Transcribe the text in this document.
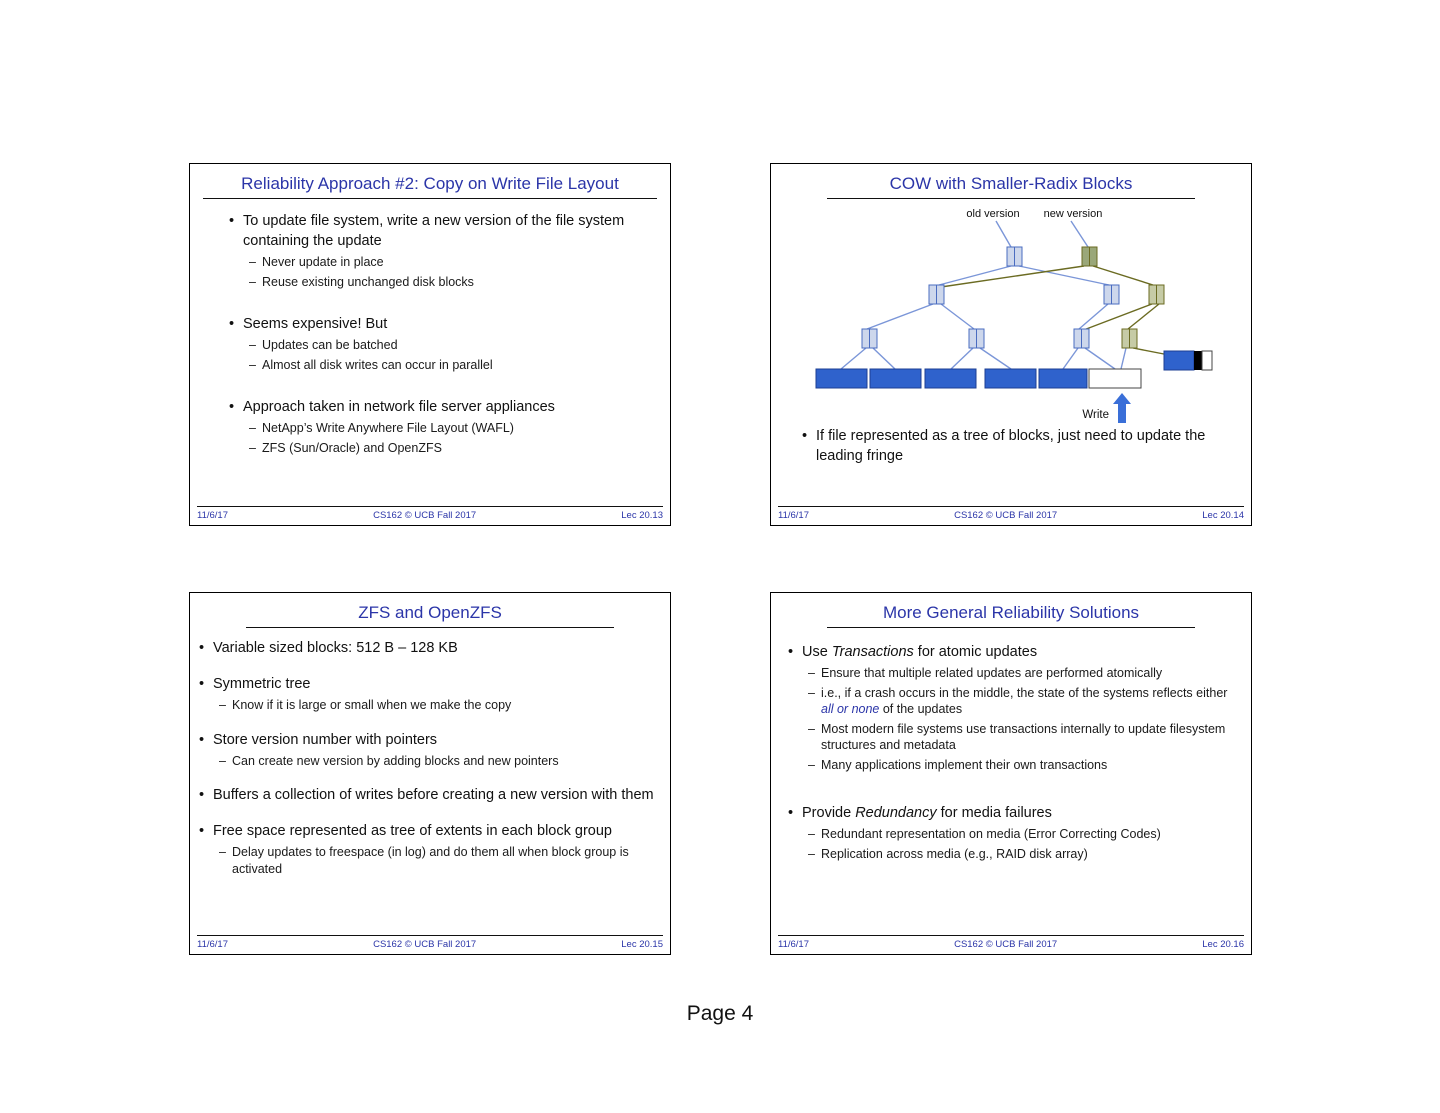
Reliability Approach #2: Copy on Write File Layout
• To update file system, write a new version of the file system containing the update
– Never update in place
– Reuse existing unchanged disk blocks
• Seems expensive! But
– Updates can be batched
– Almost all disk writes can occur in parallel
• Approach taken in network file server appliances
– NetApp’s Write Anywhere File Layout (WAFL)
– ZFS (Sun/Oracle) and OpenZFS
11/6/17	CS162 © UCB Fall 2017	Lec 20.13
COW with Smaller-Radix Blocks
old version new version
Write
• If file represented as a tree of blocks, just need to update the leading fringe
11/6/17	CS162 © UCB Fall 2017	Lec 20.14
ZFS and OpenZFS
• Variable sized blocks: 512 B – 128 KB
• Symmetric tree
– Know if it is large or small when we make the copy
• Store version number with pointers
– Can create new version by adding blocks and new pointers
• Buffers a collection of writes before creating a new version with them
• Free space represented as tree of extents in each block group
– Delay updates to freespace (in log) and do them all when block group is activated
11/6/17	CS162 © UCB Fall 2017	Lec 20.15
More General Reliability Solutions
• Use Transactions for atomic updates
– Ensure that multiple related updates are performed atomically
– i.e., if a crash occurs in the middle, the state of the systems reflects either all or none of the updates
– Most modern file systems use transactions internally to update filesystem structures and metadata
– Many applications implement their own transactions
• Provide Redundancy for media failures
– Redundant representation on media (Error Correcting Codes)
– Replication across media (e.g., RAID disk array)
11/6/17	CS162 © UCB Fall 2017	Lec 20.16
Page 4
